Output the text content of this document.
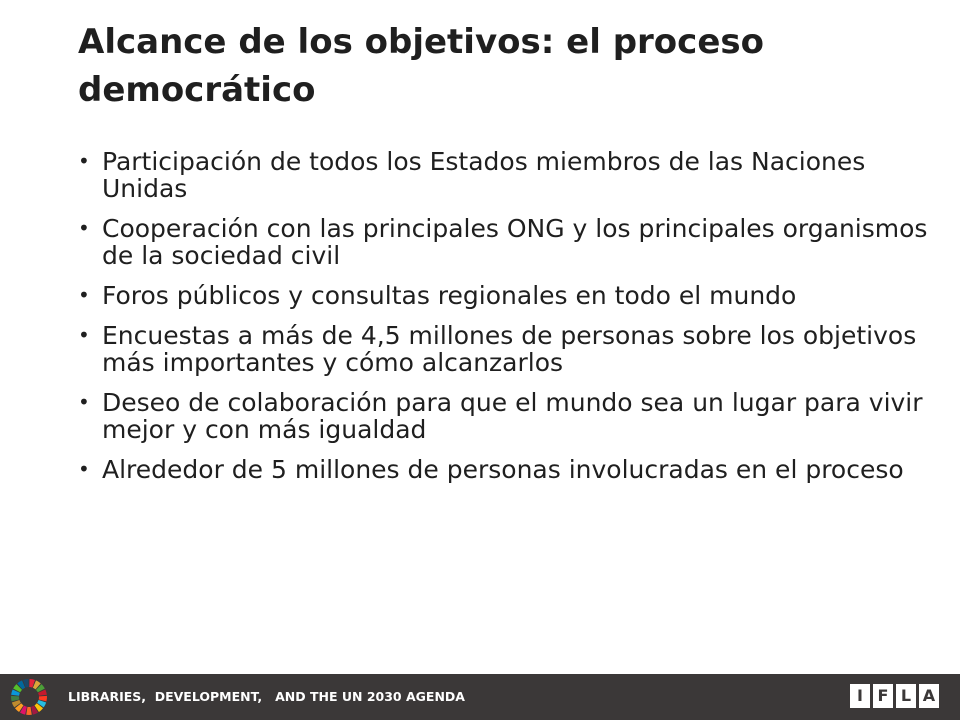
Alcance de los objetivos: el proceso democrático
• Participación de todos los Estados miembros de las Naciones Unidas
• Cooperación con las principales ONG y los principales organismos de la sociedad civil
• Foros públicos y consultas regionales en todo el mundo
• Encuestas a más de 4,5 millones de personas sobre los objetivos más importantes y cómo alcanzarlos
• Deseo de colaboración para que el mundo sea un lugar para vivir mejor y con más igualdad
• Alrededor de 5 millones de personas involucradas en el proceso
LIBRARIES,  DEVELOPMENT,   AND THE UN 2030 AGENDA	I F L A
